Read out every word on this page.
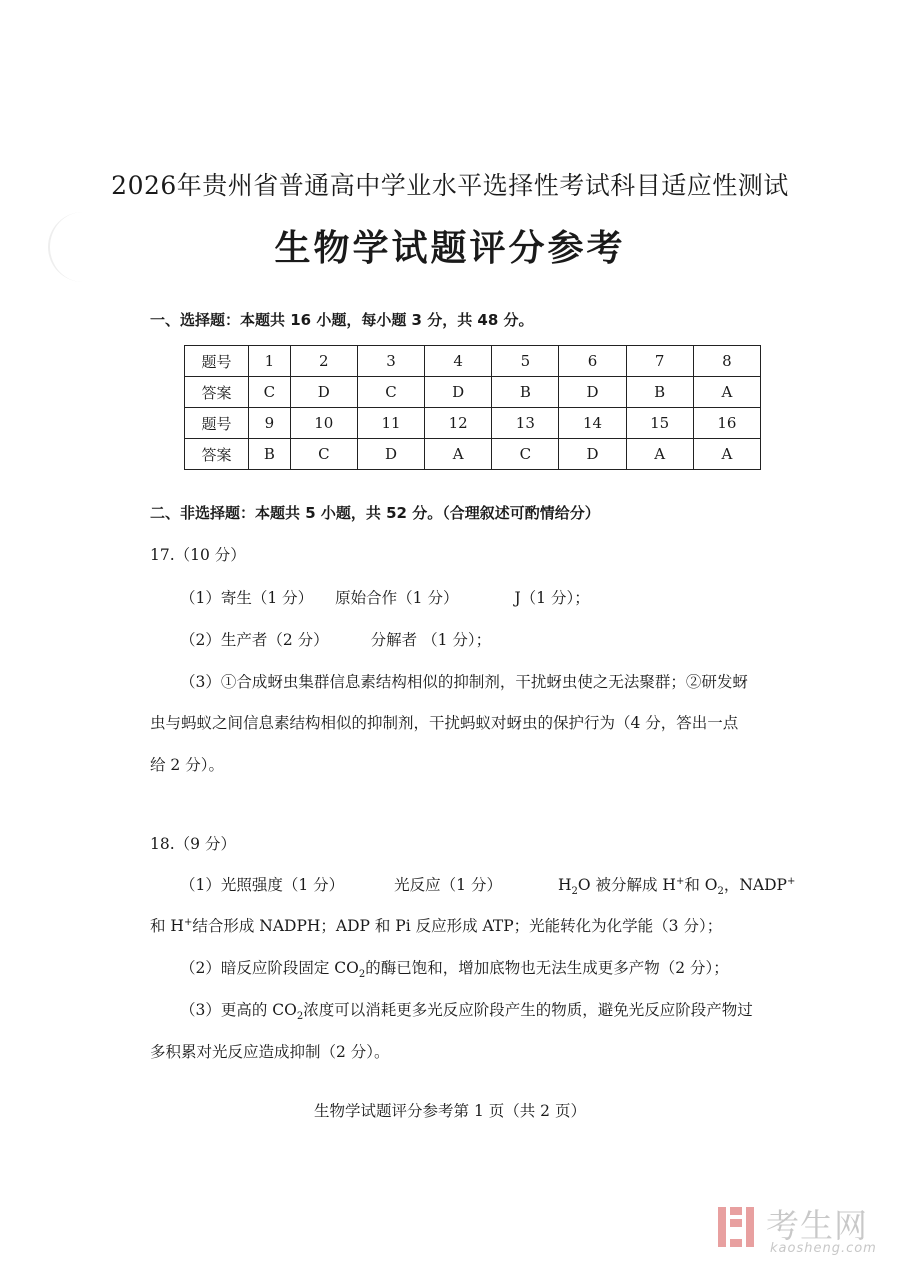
2026年贵州省普通高中学业水平选择性考试科目适应性测试
生物学试题评分参考
一、选择题：本题共 16 小题，每小题 3 分，共 48 分。
题号	1	2	3	4	5	6	7	8
答案	C	D	C	D	B	D	B	A
题号	9	10	11	12	13	14	15	16
答案	B	C	D	A	C	D	A	A
二、非选择题：本题共 5 小题，共 52 分。（合理叙述可酌情给分）
17.（10 分）
（1）寄生（1 分） 原始合作（1 分）	J（1 分）；
（2）生产者（2 分）	分解者 （1 分）；
（3）①合成蚜虫集群信息素结构相似的抑制剂，干扰蚜虫使之无法聚群；②研发蚜
虫与蚂蚁之间信息素结构相似的抑制剂，干扰蚂蚁对蚜虫的保护行为（4 分，答出一点
给 2 分）。
18.（9 分）
（1）光照强度（1 分）	光反应（1 分）	$H_2O$ 被分解成 H+和 $O_2$，NADP+
和 H+结合形成 NADPH；ADP 和 Pi 反应形成 ATP；光能转化为化学能（3 分）；
（2）暗反应阶段固定 $CO_2$的酶已饱和，增加底物也无法生成更多产物（2 分）；
（3）更高的 $CO_2$浓度可以消耗更多光反应阶段产生的物质，避免光反应阶段产物过
多积累对光反应造成抑制（2 分）。
生物学试题评分参考第 1 页（共 2 页）
考生网
kaosheng.com
